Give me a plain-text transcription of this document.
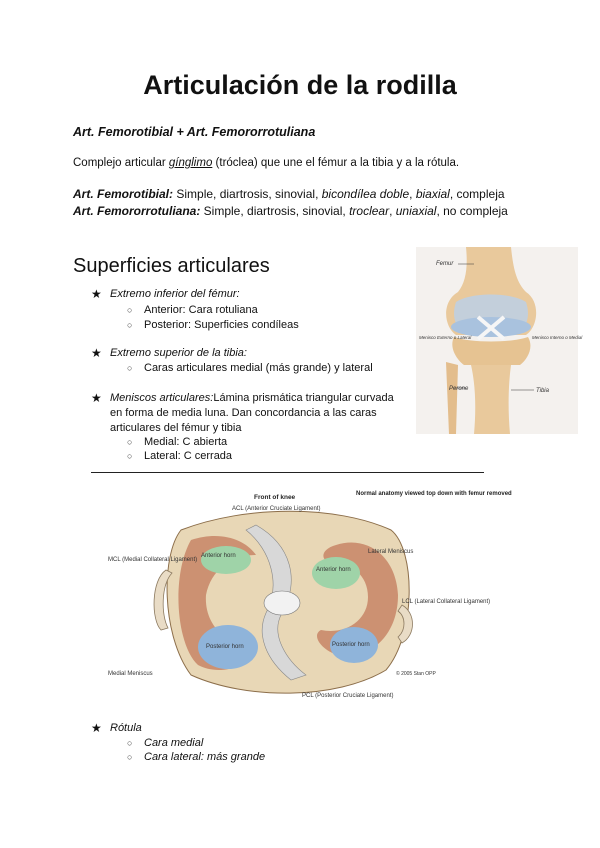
Articulación de la rodilla
Art. Femorotibial + Art. Femororrotuliana
Complejo articular gínglimo (tróclea) que une el fémur a la tibia y a la rótula.
Art. Femorotibial: Simple, diartrosis, sinovial, bicondílea doble, biaxial, compleja
Art. Femororrotuliana: Simple, diartrosis, sinovial, troclear, uniaxial, no compleja
Superficies articulares
★ Extremo inferior del fémur:
○ Anterior: Cara rotuliana
○ Posterior: Superficies condíleas
★ Extremo superior de la tibia:
○ Caras articulares medial (más grande) y lateral
★ Meniscos articulares:Lámina prismática triangular curvada en forma de media luna. Dan concordancia a las caras articulares del fémur y tibia
○ Medial: C abierta
○ Lateral: C cerrada
Femur
Menisco Externo o Lateral	Menisco Interno o Medial
Perone	Tibia
Front of knee
ACL (Anterior Cruciate Ligament)
Normal anatomy viewed top down with femur removed
MCL (Medial Collateral Ligament)
Lateral Meniscus
LCL (Lateral Collateral Ligament)
Anterior horn
Anterior horn
Posterior horn	Posterior horn
Medial Meniscus
PCL (Posterior Cruciate Ligament)
© 2005 Stan OPP
★ Rótula
○ Cara medial
○ Cara lateral: más grande
